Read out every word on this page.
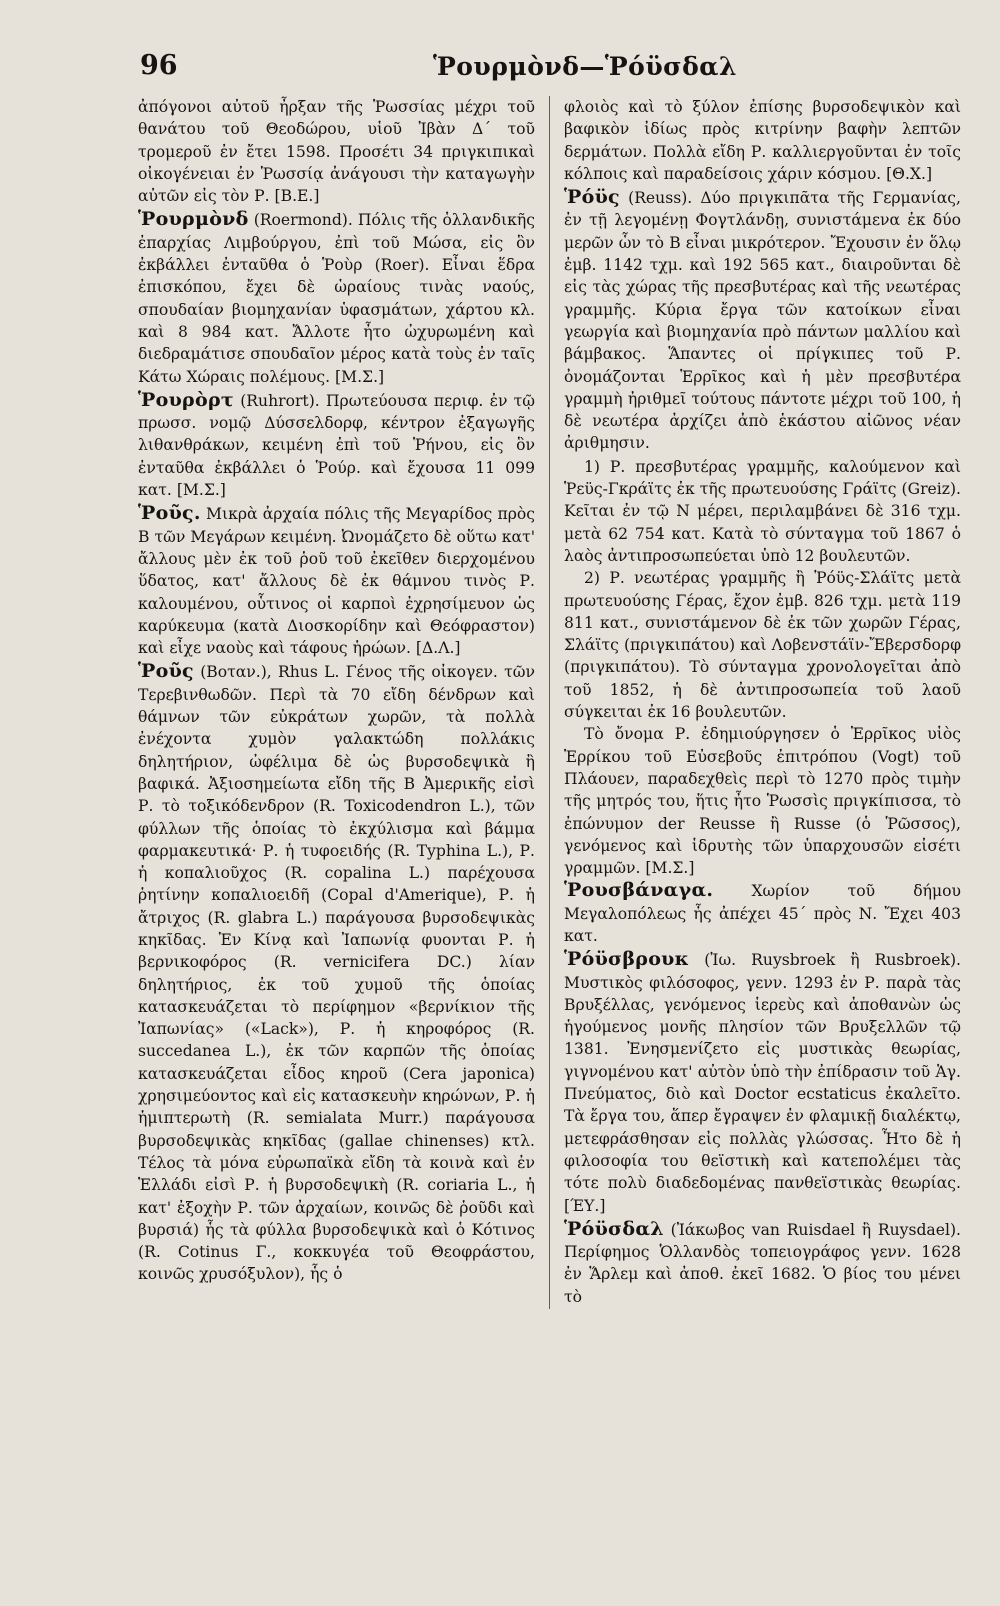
96	Ῥουρμὸνδ—Ῥόϋσδαλ

ἀπόγονοι αὐτοῦ ἦρξαν τῆς Ῥωσσίας μέχρι τοῦ θανάτου τοῦ Θεοδώρου, υἱοῦ Ἰβὰν Δ´ τοῦ τρομεροῦ ἐν ἔτει 1598. Προσέτι 34 πριγκιπικαὶ οἰκογένειαι ἐν Ῥωσσίᾳ ἀνάγουσι τὴν καταγωγὴν αὐτῶν εἰς τὸν Ρ. [Β.Ε.]

Ῥουρμὸνδ (Roermond). Πόλις τῆς ὁλλανδικῆς ἐπαρχίας Λιμβούργου, ἐπὶ τοῦ Μώσα, εἰς ὃν ἐκβάλλει ἐνταῦθα ὁ Ῥοὺρ (Roer). Εἶναι ἕδρα ἐπισκόπου, ἔχει δὲ ὡραίους τινὰς ναούς, σπουδαίαν βιομηχανίαν ὑφασμάτων, χάρτου κλ. καὶ 8 984 κατ. Ἄλλοτε ἦτο ὠχυρωμένη καὶ διεδραμάτισε σπουδαῖον μέρος κατὰ τοὺς ἐν ταῖς Κάτω Χώραις πολέμους. [Μ.Σ.]

Ῥουρὸρτ (Ruhrort). Πρωτεύουσα περιφ. ἐν τῷ πρωσσ. νομῷ Δύσσελδορφ, κέντρον ἐξαγωγῆς λιθανθράκων, κειμένη ἐπὶ τοῦ Ῥήνου, εἰς ὃν ἐνταῦθα ἐκβάλλει ὁ Ῥούρ. καὶ ἔχουσα 11 099 κατ. [Μ.Σ.]

Ῥοῦς. Μικρὰ ἀρχαία πόλις τῆς Μεγαρίδος πρὸς Β τῶν Μεγάρων κειμένη. Ὠνομάζετο δὲ οὕτω κατ' ἄλλους μὲν ἐκ τοῦ ῥοῦ τοῦ ἐκεῖθεν διερχομένου ὕδατος, κατ' ἄλλους δὲ ἐκ θάμνου τινὸς Ρ. καλουμένου, οὗτινος οἱ καρποὶ ἐχρησίμευον ὡς καρύκευμα (κατὰ Διοσκορίδην καὶ Θεόφραστον) καὶ εἶχε ναοὺς καὶ τάφους ἡρώων. [Δ.Λ.]

Ῥοῦς (Βοταν.), Rhus L. Γένος τῆς οἰκογεν. τῶν Τερεβινθωδῶν. Περὶ τὰ 70 εἴδη δένδρων καὶ θάμνων τῶν εὐκράτων χωρῶν, τὰ πολλὰ ἐνέχοντα χυμὸν γαλακτώδη πολλάκις δηλητήριον, ὠφέλιμα δὲ ὡς βυρσοδεψικὰ ἢ βαφικά. Ἀξιοσημείωτα εἴδη τῆς Β Ἀμερικῆς εἰσὶ Ρ. τὸ τοξικόδενδρον (R. Toxicodendron L.), τῶν φύλλων τῆς ὁποίας τὸ ἐκχύλισμα καὶ βάμμα φαρμακευτικά· Ρ. ἡ τυφοειδής (R. Typhina L.), Ρ. ἡ κοπαλιοῦχος (R. copalina L.) παρέχουσα ῥητίνην κοπαλιοειδῆ (Copal d'Amerique), Ρ. ἡ ἄτριχος (R. glabra L.) παράγουσα βυρσοδεψικὰς κηκῖδας. Ἐν Κίνᾳ καὶ Ἰαπωνίᾳ φυονται Ρ. ἡ βερνικοφόρος (R. vernicifera DC.) λίαν δηλητήριος, ἐκ τοῦ χυμοῦ τῆς ὁποίας κατασκευάζεται τὸ περίφημον «βερνίκιον τῆς Ἰαπωνίας» («Lack»), Ρ. ἡ κηροφόρος (R. succedanea L.), ἐκ τῶν καρπῶν τῆς ὁποίας κατασκευάζεται εἶδος κηροῦ (Cera japonica) χρησιμεύοντος καὶ εἰς κατασκευὴν κηρώνων, Ρ. ἡ ἡμιπτερωτὴ (R. semialata Murr.) παράγουσα βυρσοδεψικὰς κηκῖδας (gallae chinenses) κτλ. Τέλος τὰ μόνα εὐρωπαϊκὰ εἴδη τὰ κοινὰ καὶ ἐν Ἑλλάδι εἰσὶ Ρ. ἡ βυρσοδεψικὴ (R. coriaria L., ἡ κατ' ἐξοχὴν Ρ. τῶν ἀρχαίων, κοινῶς δὲ ῥοῦδι καὶ βυρσιά) ἧς τὰ φύλλα βυρσοδεψικὰ καὶ ὁ Κότινος (R. Cotinus Γ., κοκκυγέα τοῦ Θεοφράστου, κοινῶς χρυσόξυλον), ἧς ὁ

φλοιὸς καὶ τὸ ξύλον ἐπίσης βυρσοδεψικὸν καὶ βαφικὸν ἰδίως πρὸς κιτρίνην βαφὴν λεπτῶν δερμάτων. Πολλὰ εἴδη Ρ. καλλιεργοῦνται ἐν τοῖς κόλποις καὶ παραδείσοις χάριν κόσμου. [Θ.Χ.]

Ῥόϋς (Reuss). Δύο πριγκιπᾶτα τῆς Γερμανίας, ἐν τῇ λεγομένῃ Φογτλάνδῃ, συνιστάμενα ἐκ δύο μερῶν ὧν τὸ Β εἶναι μικρότερον. Ἔχουσιν ἐν ὅλῳ ἐμβ. 1142 τχμ. καὶ 192 565 κατ., διαιροῦνται δὲ εἰς τὰς χώρας τῆς πρεσβυτέρας καὶ τῆς νεωτέρας γραμμῆς. Κύρια ἔργα τῶν κατοίκων εἶναι γεωργία καὶ βιομηχανία πρὸ πάντων μαλλίου καὶ βάμβακος. Ἅπαντες οἱ πρίγκιπες τοῦ Ρ. ὀνομάζονται Ἑρρῖκος καὶ ἡ μὲν πρεσβυτέρα γραμμὴ ἠριθμεῖ τούτους πάντοτε μέχρι τοῦ 100, ἡ δὲ νεωτέρα ἀρχίζει ἀπὸ ἑκάστου αἰῶνος νέαν ἀριθμησιν.

1) Ρ. πρεσβυτέρας γραμμῆς, καλούμενον καὶ Ῥεϋς-Γκράϊτς ἐκ τῆς πρωτευούσης Γράϊτς (Greiz). Κεῖται ἐν τῷ Ν μέρει, περιλαμβάνει δὲ 316 τχμ. μετὰ 62 754 κατ. Κατὰ τὸ σύνταγμα τοῦ 1867 ὁ λαὸς ἀντιπροσωπεύεται ὑπὸ 12 βουλευτῶν.

2) Ρ. νεωτέρας γραμμῆς ἢ Ῥόϋς-Σλάϊτς μετὰ πρωτευούσης Γέρας, ἔχον ἐμβ. 826 τχμ. μετὰ 119 811 κατ., συνιστάμενον δὲ ἐκ τῶν χωρῶν Γέρας, Σλάϊτς (πριγκιπάτου) καὶ Λοβενστάϊν-Ἔβερσδορφ (πριγκιπάτου). Τὸ σύνταγμα χρονολογεῖται ἀπὸ τοῦ 1852, ἡ δὲ ἀντιπροσωπεία τοῦ λαοῦ σύγκειται ἐκ 16 βουλευτῶν.

Τὸ ὄνομα Ρ. ἐδημιούργησεν ὁ Ἑρρῖκος υἱὸς Ἑρρίκου τοῦ Εὐσεβοῦς ἐπιτρόπου (Vogt) τοῦ Πλάουεν, παραδεχθεὶς περὶ τὸ 1270 πρὸς τιμὴν τῆς μητρός του, ἥτις ἦτο Ῥωσσὶς πριγκίπισσα, τὸ ἐπώνυμον der Reusse ἢ Russe (ὁ Ῥῶσσος), γενόμενος καὶ ἱδρυτὴς τῶν ὑπαρχουσῶν εἰσέτι γραμμῶν. [Μ.Σ.]

Ῥουσβάναγα. Χωρίον τοῦ δήμου Μεγαλοπόλεως ἧς ἀπέχει 45´ πρὸς Ν. Ἔχει 403 κατ.

Ῥόϋσβρουκ (Ἰω. Ruysbroek ἢ Rusbroek). Μυστικὸς φιλόσοφος, γενν. 1293 ἐν Ρ. παρὰ τὰς Βρυξέλλας, γενόμενος ἱερεὺς καὶ ἀποθανὼν ὡς ἡγούμενος μονῆς πλησίον τῶν Βρυξελλῶν τῷ 1381. Ἐνησμενίζετο εἰς μυστικὰς θεωρίας, γιγνομένου κατ' αὐτὸν ὑπὸ τὴν ἐπίδρασιν τοῦ Ἁγ. Πνεύματος, διὸ καὶ Doctor ecstaticus ἐκαλεῖτο. Τὰ ἔργα του, ἅπερ ἔγραψεν ἐν φλαμικῇ διαλέκτῳ, μετεφράσθησαν εἰς πολλὰς γλώσσας. Ἦτο δὲ ἡ φιλοσοφία του θεϊστικὴ καὶ κατεπολέμει τὰς τότε πολὺ διαδεδομένας πανθεϊστικὰς θεωρίας. [ΈΥ.]

Ῥόϋσδαλ (Ἰάκωβος van Ruisdael ἢ Ruysdael). Περίφημος Ὁλλανδὸς τοπειογράφος γενν. 1628 ἐν Ἅρλεμ καὶ ἀποθ. ἐκεῖ 1682. Ὁ βίος του μένει τὸ
